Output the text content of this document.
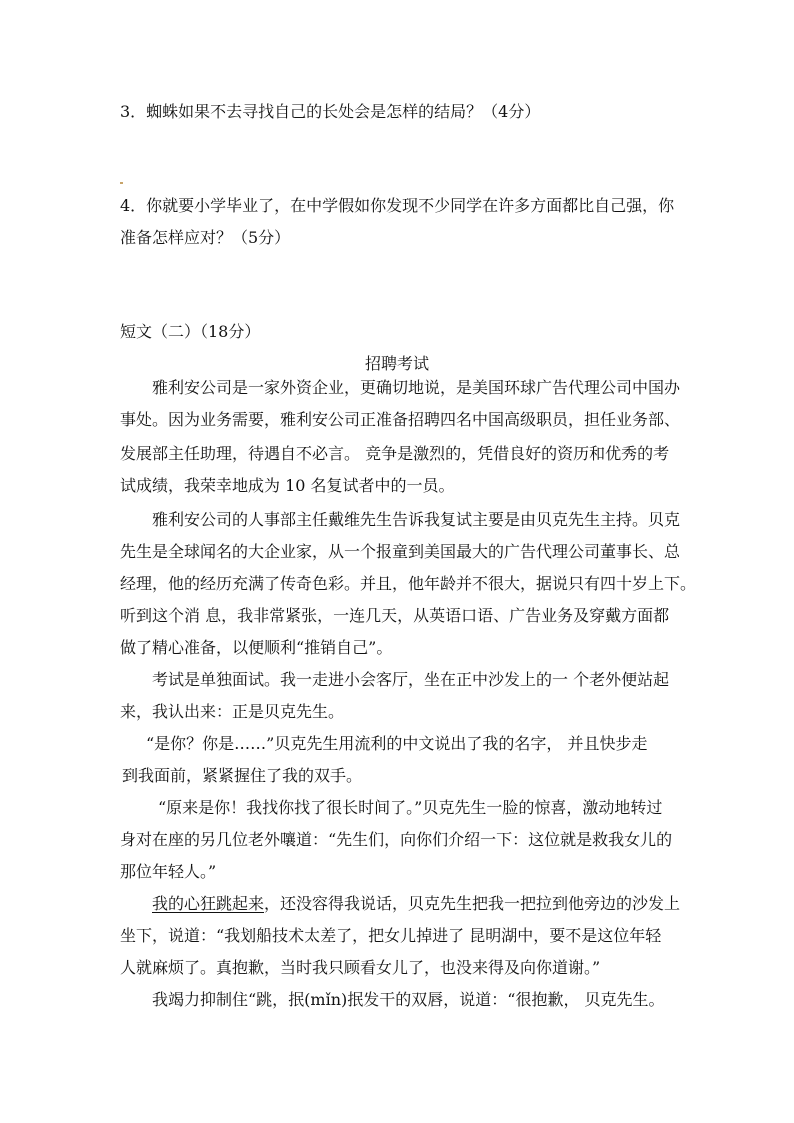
3．蜘蛛如果不去寻找自己的长处会是怎样的结局？（4分）
4．你就要小学毕业了，在中学假如你发现不少同学在许多方面都比自己强，你
准备怎样应对？（5分）
短文（二）（18分）
招聘考试
雅利安公司是一家外资企业，更确切地说，是美国环球广告代理公司中国办
事处。因为业务需要，雅利安公司正准备招聘四名中国高级职员，担任业务部、
发展部主任助理，待遇自不必言。 竞争是激烈的，凭借良好的资历和优秀的考
试成绩，我荣幸地成为 10 名复试者中的一员。
雅利安公司的人事部主任戴维先生告诉我复试主要是由贝克先生主持。贝克
先生是全球闻名的大企业家，从一个报童到美国最大的广告代理公司董事长、总
经理，他的经历充满了传奇色彩。并且，他年龄并不很大，据说只有四十岁上下。
听到这个消 息，我非常紧张，一连几天，从英语口语、广告业务及穿戴方面都
做了精心准备，以便顺利“推销自己”。
考试是单独面试。我一走进小会客厅，坐在正中沙发上的一 个老外便站起
来，我认出来：正是贝克先生。
“是你？你是……”贝克先生用流利的中文说出了我的名字， 并且快步走
到我面前，紧紧握住了我的双手。
“原来是你！我找你找了很长时间了。”贝克先生一脸的惊喜，激动地转过
身对在座的另几位老外嚷道：“先生们，向你们介绍一下：这位就是救我女儿的
那位年轻人。”
我的心狂跳起来，还没容得我说话，贝克先生把我一把拉到他旁边的沙发上
坐下，说道：“我划船技术太差了，把女儿掉进了 昆明湖中，要不是这位年轻
人就麻烦了。真抱歉，当时我只顾看女儿了，也没来得及向你道谢。”
我竭力抑制住“跳，抿(mǐn)抿发干的双唇，说道：“很抱歉， 贝克先生。
